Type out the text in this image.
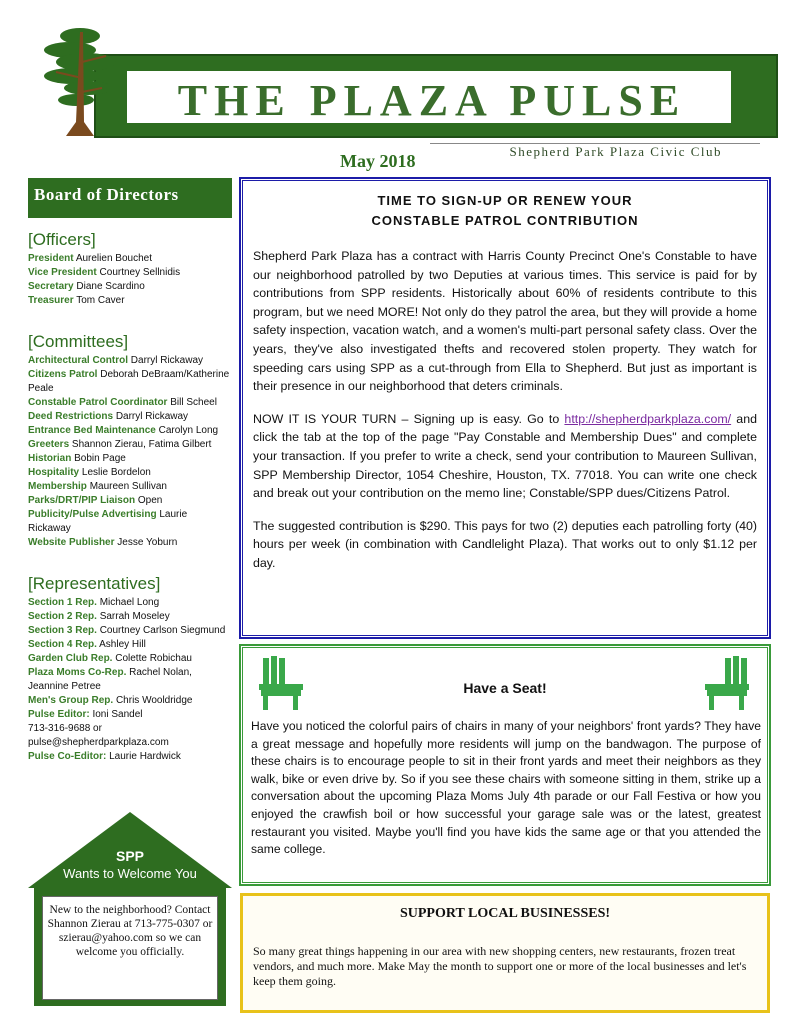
THE PLAZA PULSE
Shepherd Park Plaza Civic Club
May 2018
Board of Directors
[Officers]
President Aurelien Bouchet
Vice President Courtney Sellnidis
Secretary Diane Scardino
Treasurer Tom Caver
[Committees]
Architectural Control Darryl Rickaway
Citizens Patrol Deborah DeBraam/Katherine Peale
Constable Patrol Coordinator Bill Scheel
Deed Restrictions Darryl Rickaway
Entrance Bed Maintenance Carolyn Long
Greeters Shannon Zierau, Fatima Gilbert
Historian Bobin Page
Hospitality Leslie Bordelon
Membership Maureen Sullivan
Parks/DRT/PIP Liaison Open
Publicity/Pulse Advertising Laurie Rickaway
Website Publisher Jesse Yoburn
[Representatives]
Section 1 Rep. Michael Long
Section 2 Rep. Sarrah Moseley
Section 3 Rep. Courtney Carlson Siegmund
Section 4 Rep. Ashley Hill
Garden Club Rep. Colette Robichau
Plaza Moms Co-Rep. Rachel Nolan, Jeannine Petree
Men's Group Rep. Chris Wooldridge
Pulse Editor: Ioni Sandel
713-316-9688 or pulse@shepherdparkplaza.com
Pulse Co-Editor: Laurie Hardwick
SPP
Wants to Welcome You
New to the neighborhood? Contact Shannon Zierau at 713-775-0307 or szierau@yahoo.com so we can welcome you officially.
TIME TO SIGN-UP OR RENEW YOUR
CONSTABLE PATROL CONTRIBUTION

Shepherd Park Plaza has a contract with Harris County Precinct One's Constable to have our neighborhood patrolled by two Deputies at various times. This service is paid for by contributions from SPP residents. Historically about 60% of residents contribute to this program, but we need MORE! Not only do they patrol the area, but they will provide a home safety inspection, vacation watch, and a women's multi-part personal safety class. Over the years, they've also investigated thefts and recovered stolen property. They watch for speeding cars using SPP as a cut-through from Ella to Shepherd. But just as important is their presence in our neighborhood that deters criminals.

NOW IT IS YOUR TURN – Signing up is easy. Go to http://shepherdparkplaza.com/ and click the tab at the top of the page "Pay Constable and Membership Dues" and complete your transaction. If you prefer to write a check, send your contribution to Maureen Sullivan, SPP Membership Director, 1054 Cheshire, Houston, TX. 77018. You can write one check and break out your contribution on the memo line; Constable/SPP dues/Citizens Patrol.

The suggested contribution is $290. This pays for two (2) deputies each patrolling forty (40) hours per week (in combination with Candlelight Plaza). That works out to only $1.12 per day.

Have a Seat!

Have you noticed the colorful pairs of chairs in many of your neighbors' front yards? They have a great message and hopefully more residents will jump on the bandwagon. The purpose of these chairs is to encourage people to sit in their front yards and meet their neighbors as they walk, bike or even drive by. So if you see these chairs with someone sitting in them, strike up a conversation about the upcoming Plaza Moms July 4th parade or our Fall Festiva or how you enjoyed the crawfish boil or how successful your garage sale was or the latest, greatest restaurant you visited. Maybe you'll find you have kids the same age or that you attended the same college.

SUPPORT LOCAL BUSINESSES!

So many great things happening in our area with new shopping centers, new restaurants, frozen treat vendors, and much more. Make May the month to support one or more of the local businesses and let's keep them going.
